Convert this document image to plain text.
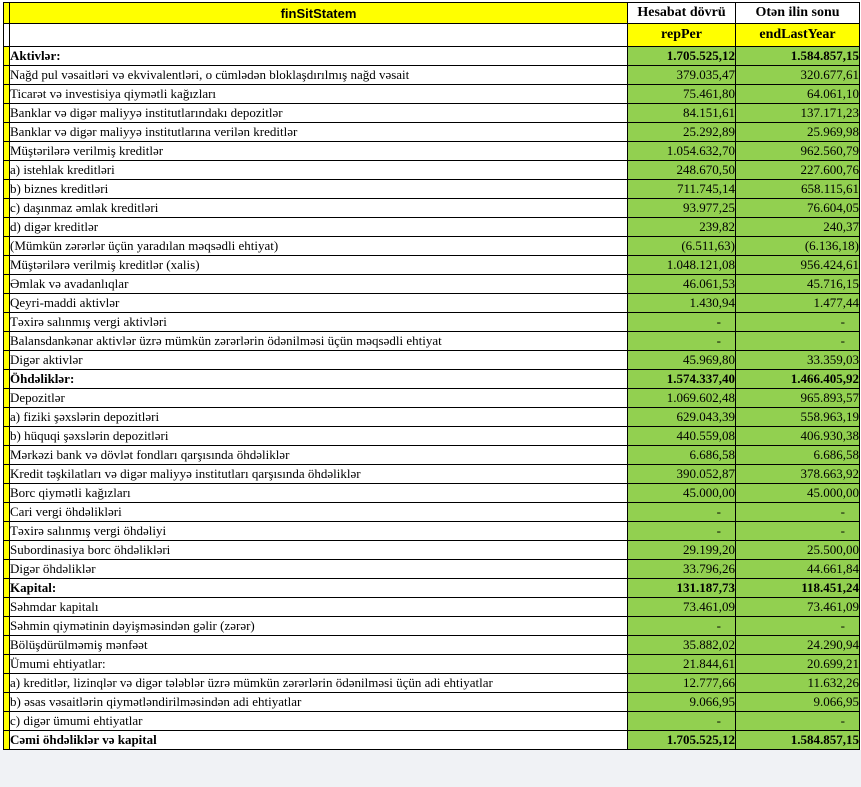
	finSitStatem	Hesabat dövrü	Otən ilin sonu
		repPer	endLastYear
	Aktivlər:	1.705.525,12	1.584.857,15
	Nağd pul vəsaitləri və ekvivalentləri, o cümlədən bloklaşdırılmış nağd vəsait	379.035,47	320.677,61
	Ticarət və investisiya qiymətli kağızları	75.461,80	64.061,10
	Banklar və digər maliyyə institutlarındakı depozitlər	84.151,61	137.171,23
	Banklar və digər maliyyə institutlarına verilən kreditlər	25.292,89	25.969,98
	Müştərilərə verilmiş kreditlər	1.054.632,70	962.560,79
	a) istehlak kreditləri	248.670,50	227.600,76
	b) biznes kreditləri	711.745,14	658.115,61
	c) daşınmaz əmlak kreditləri	93.977,25	76.604,05
	d) digər kreditlər	239,82	240,37
	(Mümkün zərərlər üçün yaradılan məqsədli ehtiyat)	(6.511,63)	(6.136,18)
	Müştərilərə verilmiş kreditlər (xalis)	1.048.121,08	956.424,61
	Əmlak və avadanlıqlar	46.061,53	45.716,15
	Qeyri-maddi aktivlər	1.430,94	1.477,44
	Təxirə salınmış vergi aktivləri	-	-
	Balansdankənar aktivlər üzrə mümkün zərərlərin ödənilməsi üçün məqsədli ehtiyat	-	-
	Digər aktivlər	45.969,80	33.359,03
	Öhdəliklər:	1.574.337,40	1.466.405,92
	Depozitlər	1.069.602,48	965.893,57
	a) fiziki şəxslərin depozitləri	629.043,39	558.963,19
	b) hüquqi şəxslərin depozitləri	440.559,08	406.930,38
	Mərkəzi bank və dövlət fondları qarşısında öhdəliklər	6.686,58	6.686,58
	Kredit təşkilatları və digər maliyyə institutları qarşısında öhdəliklər	390.052,87	378.663,92
	Borc qiymətli kağızları	45.000,00	45.000,00
	Cari vergi öhdəlikləri	-	-
	Təxirə salınmış vergi öhdəliyi	-	-
	Subordinasiya borc öhdəlikləri	29.199,20	25.500,00
	Digər öhdəliklər	33.796,26	44.661,84
	Kapital:	131.187,73	118.451,24
	Səhmdar kapitalı	73.461,09	73.461,09
	Səhmin qiymətinin dəyişməsindən gəlir (zərər)	-	-
	Bölüşdürülməmiş mənfəət	35.882,02	24.290,94
	Ümumi ehtiyatlar:	21.844,61	20.699,21
	a) kreditlər, lizinqlər və digər tələblər üzrə mümkün zərərlərin ödənilməsi üçün adi ehtiyatlar	12.777,66	11.632,26
	b) əsas vəsaitlərin qiymətləndirilməsindən adi ehtiyatlar	9.066,95	9.066,95
	c) digər ümumi ehtiyatlar	-	-
	Cəmi öhdəliklər və kapital	1.705.525,12	1.584.857,15
